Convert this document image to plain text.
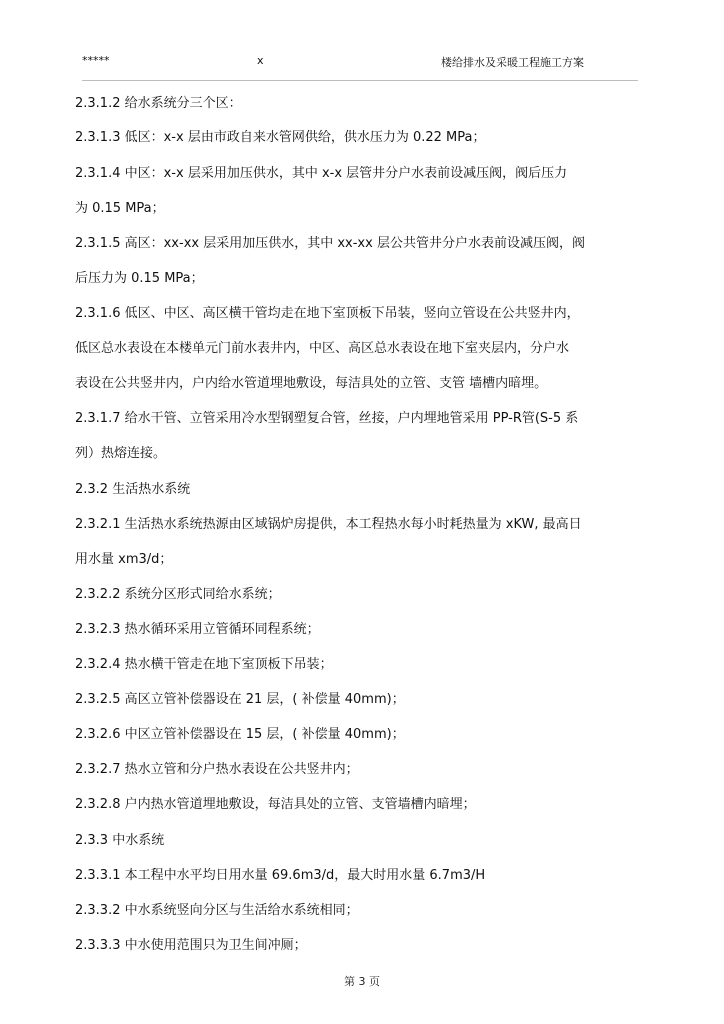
*****	x	楼给排水及采暖工程施工方案
2.3.1.2 给水系统分三个区：
2.3.1.3 低区：x-x 层由市政自来水管网供给，供水压力为 0.22 MPa；
2.3.1.4 中区：x-x 层采用加压供水，其中 x-x 层管井分户水表前设减压阀，阀后压力
为 0.15 MPa；
2.3.1.5 高区：xx-xx 层采用加压供水，其中 xx-xx 层公共管井分户水表前设减压阀，阀
后压力为 0.15 MPa；
2.3.1.6 低区、中区、高区横干管均走在地下室顶板下吊装，竖向立管设在公共竖井内，
低区总水表设在本楼单元门前水表井内，中区、高区总水表设在地下室夹层内，分户水
表设在公共竖井内，户内给水管道埋地敷设，每洁具处的立管、支管 墙槽内暗埋。
2.3.1.7 给水干管、立管采用冷水型钢塑复合管，丝接，户内埋地管采用 PP-R管(S-5 系
列）热熔连接。
2.3.2 生活热水系统
2.3.2.1 生活热水系统热源由区域锅炉房提供，本工程热水每小时耗热量为 xKW, 最高日
用水量 xm3/d；
2.3.2.2 系统分区形式同给水系统；
2.3.2.3 热水循环采用立管循环同程系统；
2.3.2.4 热水横干管走在地下室顶板下吊装；
2.3.2.5 高区立管补偿器设在 21 层，( 补偿量 40mm)；
2.3.2.6 中区立管补偿器设在 15 层，( 补偿量 40mm)；
2.3.2.7 热水立管和分户热水表设在公共竖井内；
2.3.2.8 户内热水管道埋地敷设，每洁具处的立管、支管墙槽内暗埋；
2.3.3 中水系统
2.3.3.1 本工程中水平均日用水量 69.6m3/d，最大时用水量 6.7m3/H
2.3.3.2 中水系统竖向分区与生活给水系统相同；
2.3.3.3 中水使用范围只为卫生间冲厕；
第 3 页
